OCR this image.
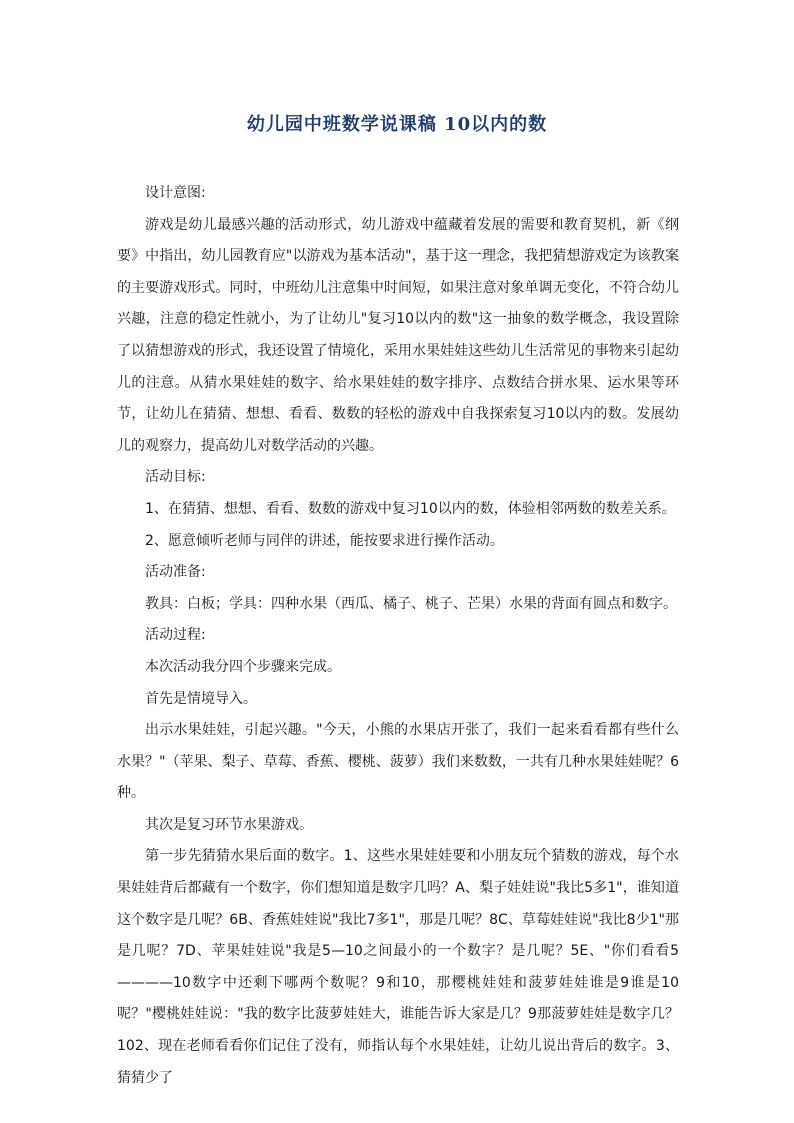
幼儿园中班数学说课稿 10以内的数

设计意图:

游戏是幼儿最感兴趣的活动形式，幼儿游戏中蕴藏着发展的需要和教育契机，新《纲要》中指出，幼儿园教育应"以游戏为基本活动"，基于这一理念，我把猜想游戏定为该教案的主要游戏形式。同时，中班幼儿注意集中时间短，如果注意对象单调无变化，不符合幼儿兴趣，注意的稳定性就小，为了让幼儿"复习10以内的数"这一抽象的数学概念，我设置除了以猜想游戏的形式，我还设置了情境化，采用水果娃娃这些幼儿生活常见的事物来引起幼儿的注意。从猜水果娃娃的数字、给水果娃娃的数字排序、点数结合拼水果、运水果等环节，让幼儿在猜猜、想想、看看、数数的轻松的游戏中自我探索复习10以内的数。发展幼儿的观察力，提高幼儿对数学活动的兴趣。

活动目标:

1、在猜猜、想想、看看、数数的游戏中复习10以内的数，体验相邻两数的数差关系。

2、愿意倾听老师与同伴的讲述，能按要求进行操作活动。

活动准备:

教具：白板；学具：四种水果（西瓜、橘子、桃子、芒果）水果的背面有圆点和数字。

活动过程:

本次活动我分四个步骤来完成。

首先是情境导入。

出示水果娃娃，引起兴趣。"今天，小熊的水果店开张了，我们一起来看看都有些什么水果？"（苹果、梨子、草莓、香蕉、樱桃、菠萝）我们来数数，一共有几种水果娃娃呢？6种。

其次是复习环节水果游戏。

第一步先猜猜水果后面的数字。1、这些水果娃娃要和小朋友玩个猜数的游戏，每个水果娃娃背后都藏有一个数字，你们想知道是数字几吗？A、梨子娃娃说"我比5多1"，谁知道这个数字是几呢？6B、香蕉娃娃说"我比7多1"，那是几呢？8C、草莓娃娃说"我比8少1"那是几呢？7D、苹果娃娃说"我是5—10之间最小的一个数字？是几呢？5E、"你们看看5————10数字中还剩下哪两个数呢？9和10，那樱桃娃娃和菠萝娃娃谁是9谁是10呢？"樱桃娃娃说："我的数字比菠萝娃娃大，谁能告诉大家是几？9那菠萝娃娃是数字几？102、现在老师看看你们记住了没有，师指认每个水果娃娃，让幼儿说出背后的数字。3、猜猜少了
